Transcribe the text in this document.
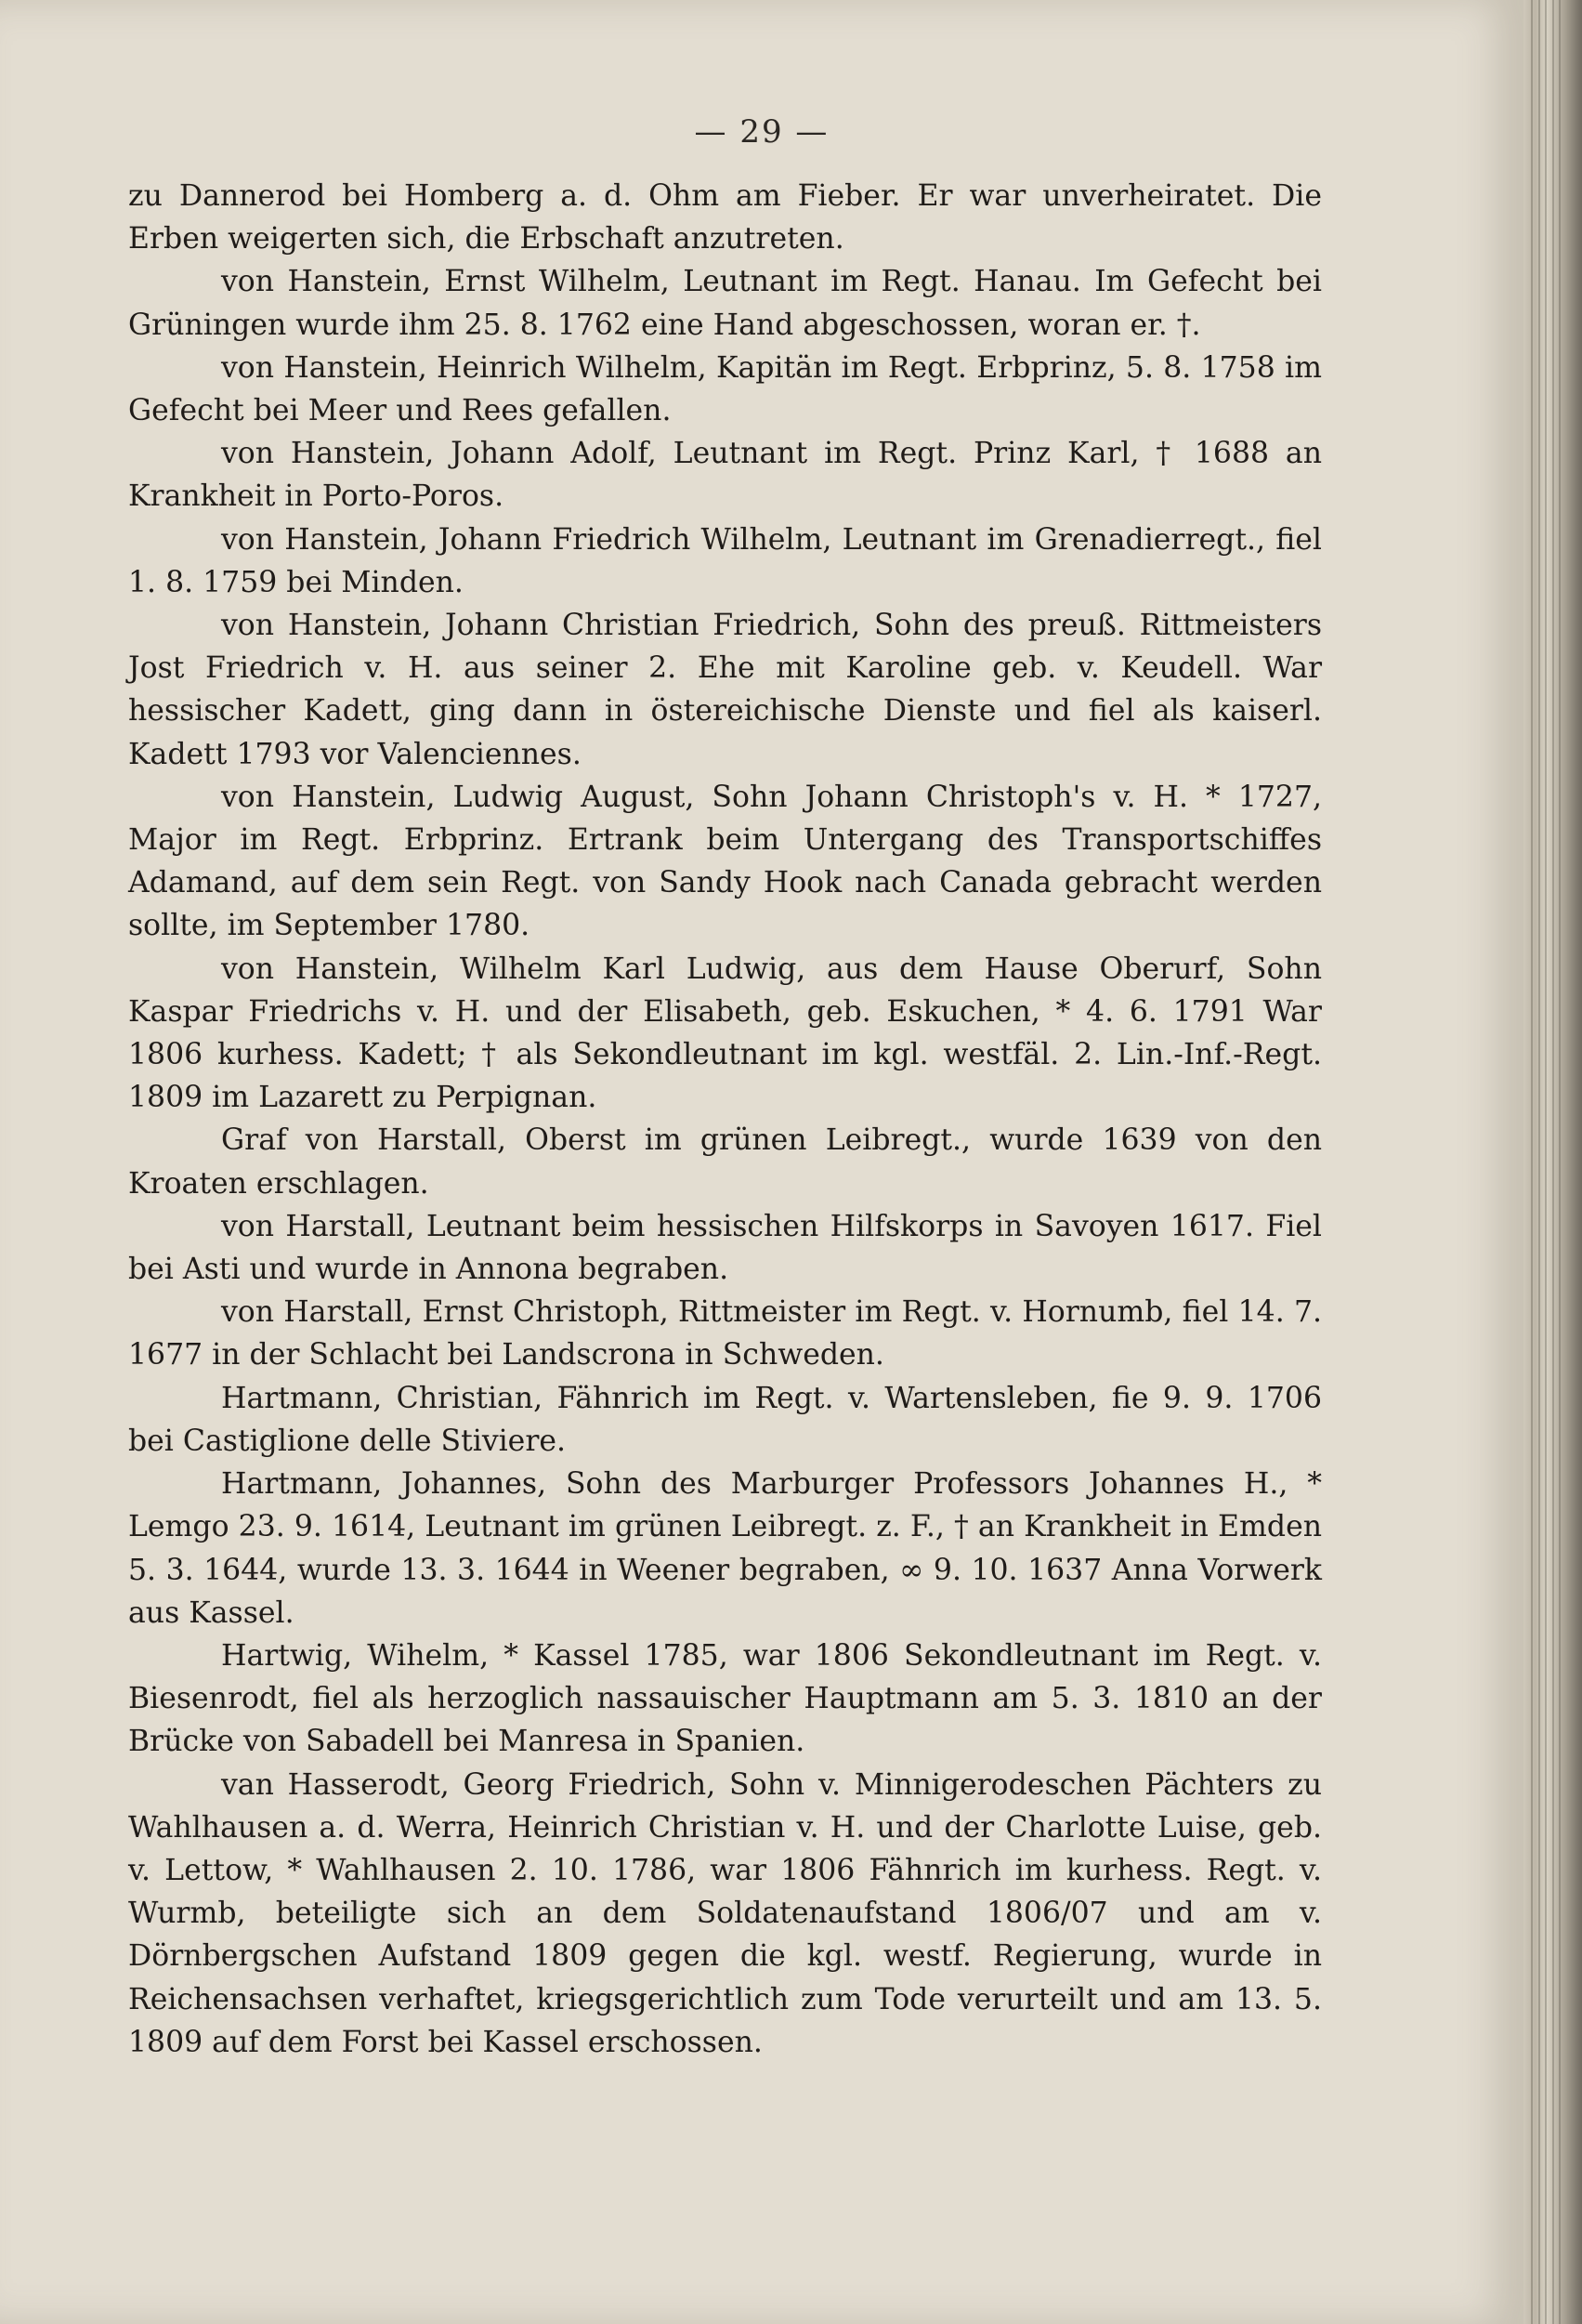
— 29 —

zu Dannerod bei Homberg a. d. Ohm am Fieber. Er war unverheiratet. Die Erben weigerten sich, die Erbschaft anzutreten.

von Hanstein, Ernst Wilhelm, Leutnant im Regt. Hanau. Im Gefecht bei Grüningen wurde ihm 25. 8. 1762 eine Hand abgeschossen, woran er. †.

von Hanstein, Heinrich Wilhelm, Kapitän im Regt. Erbprinz, 5. 8. 1758 im Gefecht bei Meer und Rees gefallen.

von Hanstein, Johann Adolf, Leutnant im Regt. Prinz Karl, † 1688 an Krankheit in Porto-Poros.

von Hanstein, Johann Friedrich Wilhelm, Leutnant im Grenadierregt., fiel 1. 8. 1759 bei Minden.

von Hanstein, Johann Christian Friedrich, Sohn des preuß. Rittmeisters Jost Friedrich v. H. aus seiner 2. Ehe mit Karoline geb. v. Keudell. War hessischer Kadett, ging dann in östereichische Dienste und fiel als kaiserl. Kadett 1793 vor Valenciennes.

von Hanstein, Ludwig August, Sohn Johann Christoph's v. H. * 1727, Major im Regt. Erbprinz. Ertrank beim Untergang des Transportschiffes Adamand, auf dem sein Regt. von Sandy Hook nach Canada gebracht werden sollte, im September 1780.

von Hanstein, Wilhelm Karl Ludwig, aus dem Hause Oberurf, Sohn Kaspar Friedrichs v. H. und der Elisabeth, geb. Eskuchen, * 4. 6. 1791 War 1806 kurhess. Kadett; † als Sekondleutnant im kgl. westfäl. 2. Lin.-Inf.-Regt. 1809 im Lazarett zu Perpignan.

Graf von Harstall, Oberst im grünen Leibregt., wurde 1639 von den Kroaten erschlagen.

von Harstall, Leutnant beim hessischen Hilfskorps in Savoyen 1617. Fiel bei Asti und wurde in Annona begraben.

von Harstall, Ernst Christoph, Rittmeister im Regt. v. Hornumb, fiel 14. 7. 1677 in der Schlacht bei Landscrona in Schweden.

Hartmann, Christian, Fähnrich im Regt. v. Wartensleben, fie 9. 9. 1706 bei Castiglione delle Stiviere.

Hartmann, Johannes, Sohn des Marburger Professors Johannes H., * Lemgo 23. 9. 1614, Leutnant im grünen Leibregt. z. F., † an Krankheit in Emden 5. 3. 1644, wurde 13. 3. 1644 in Weener begraben, ∞ 9. 10. 1637 Anna Vorwerk aus Kassel.

Hartwig, Wihelm, * Kassel 1785, war 1806 Sekondleutnant im Regt. v. Biesenrodt, fiel als herzoglich nassauischer Hauptmann am 5. 3. 1810 an der Brücke von Sabadell bei Manresa in Spanien.

van Hasserodt, Georg Friedrich, Sohn v. Minnigerodeschen Pächters zu Wahlhausen a. d. Werra, Heinrich Christian v. H. und der Charlotte Luise, geb. v. Lettow, * Wahlhausen 2. 10. 1786, war 1806 Fähnrich im kurhess. Regt. v. Wurmb, beteiligte sich an dem Soldatenaufstand 1806/07 und am v. Dörnbergschen Aufstand 1809 gegen die kgl. westf. Regierung, wurde in Reichensachsen verhaftet, kriegsgerichtlich zum Tode verurteilt und am 13. 5. 1809 auf dem Forst bei Kassel erschossen.
